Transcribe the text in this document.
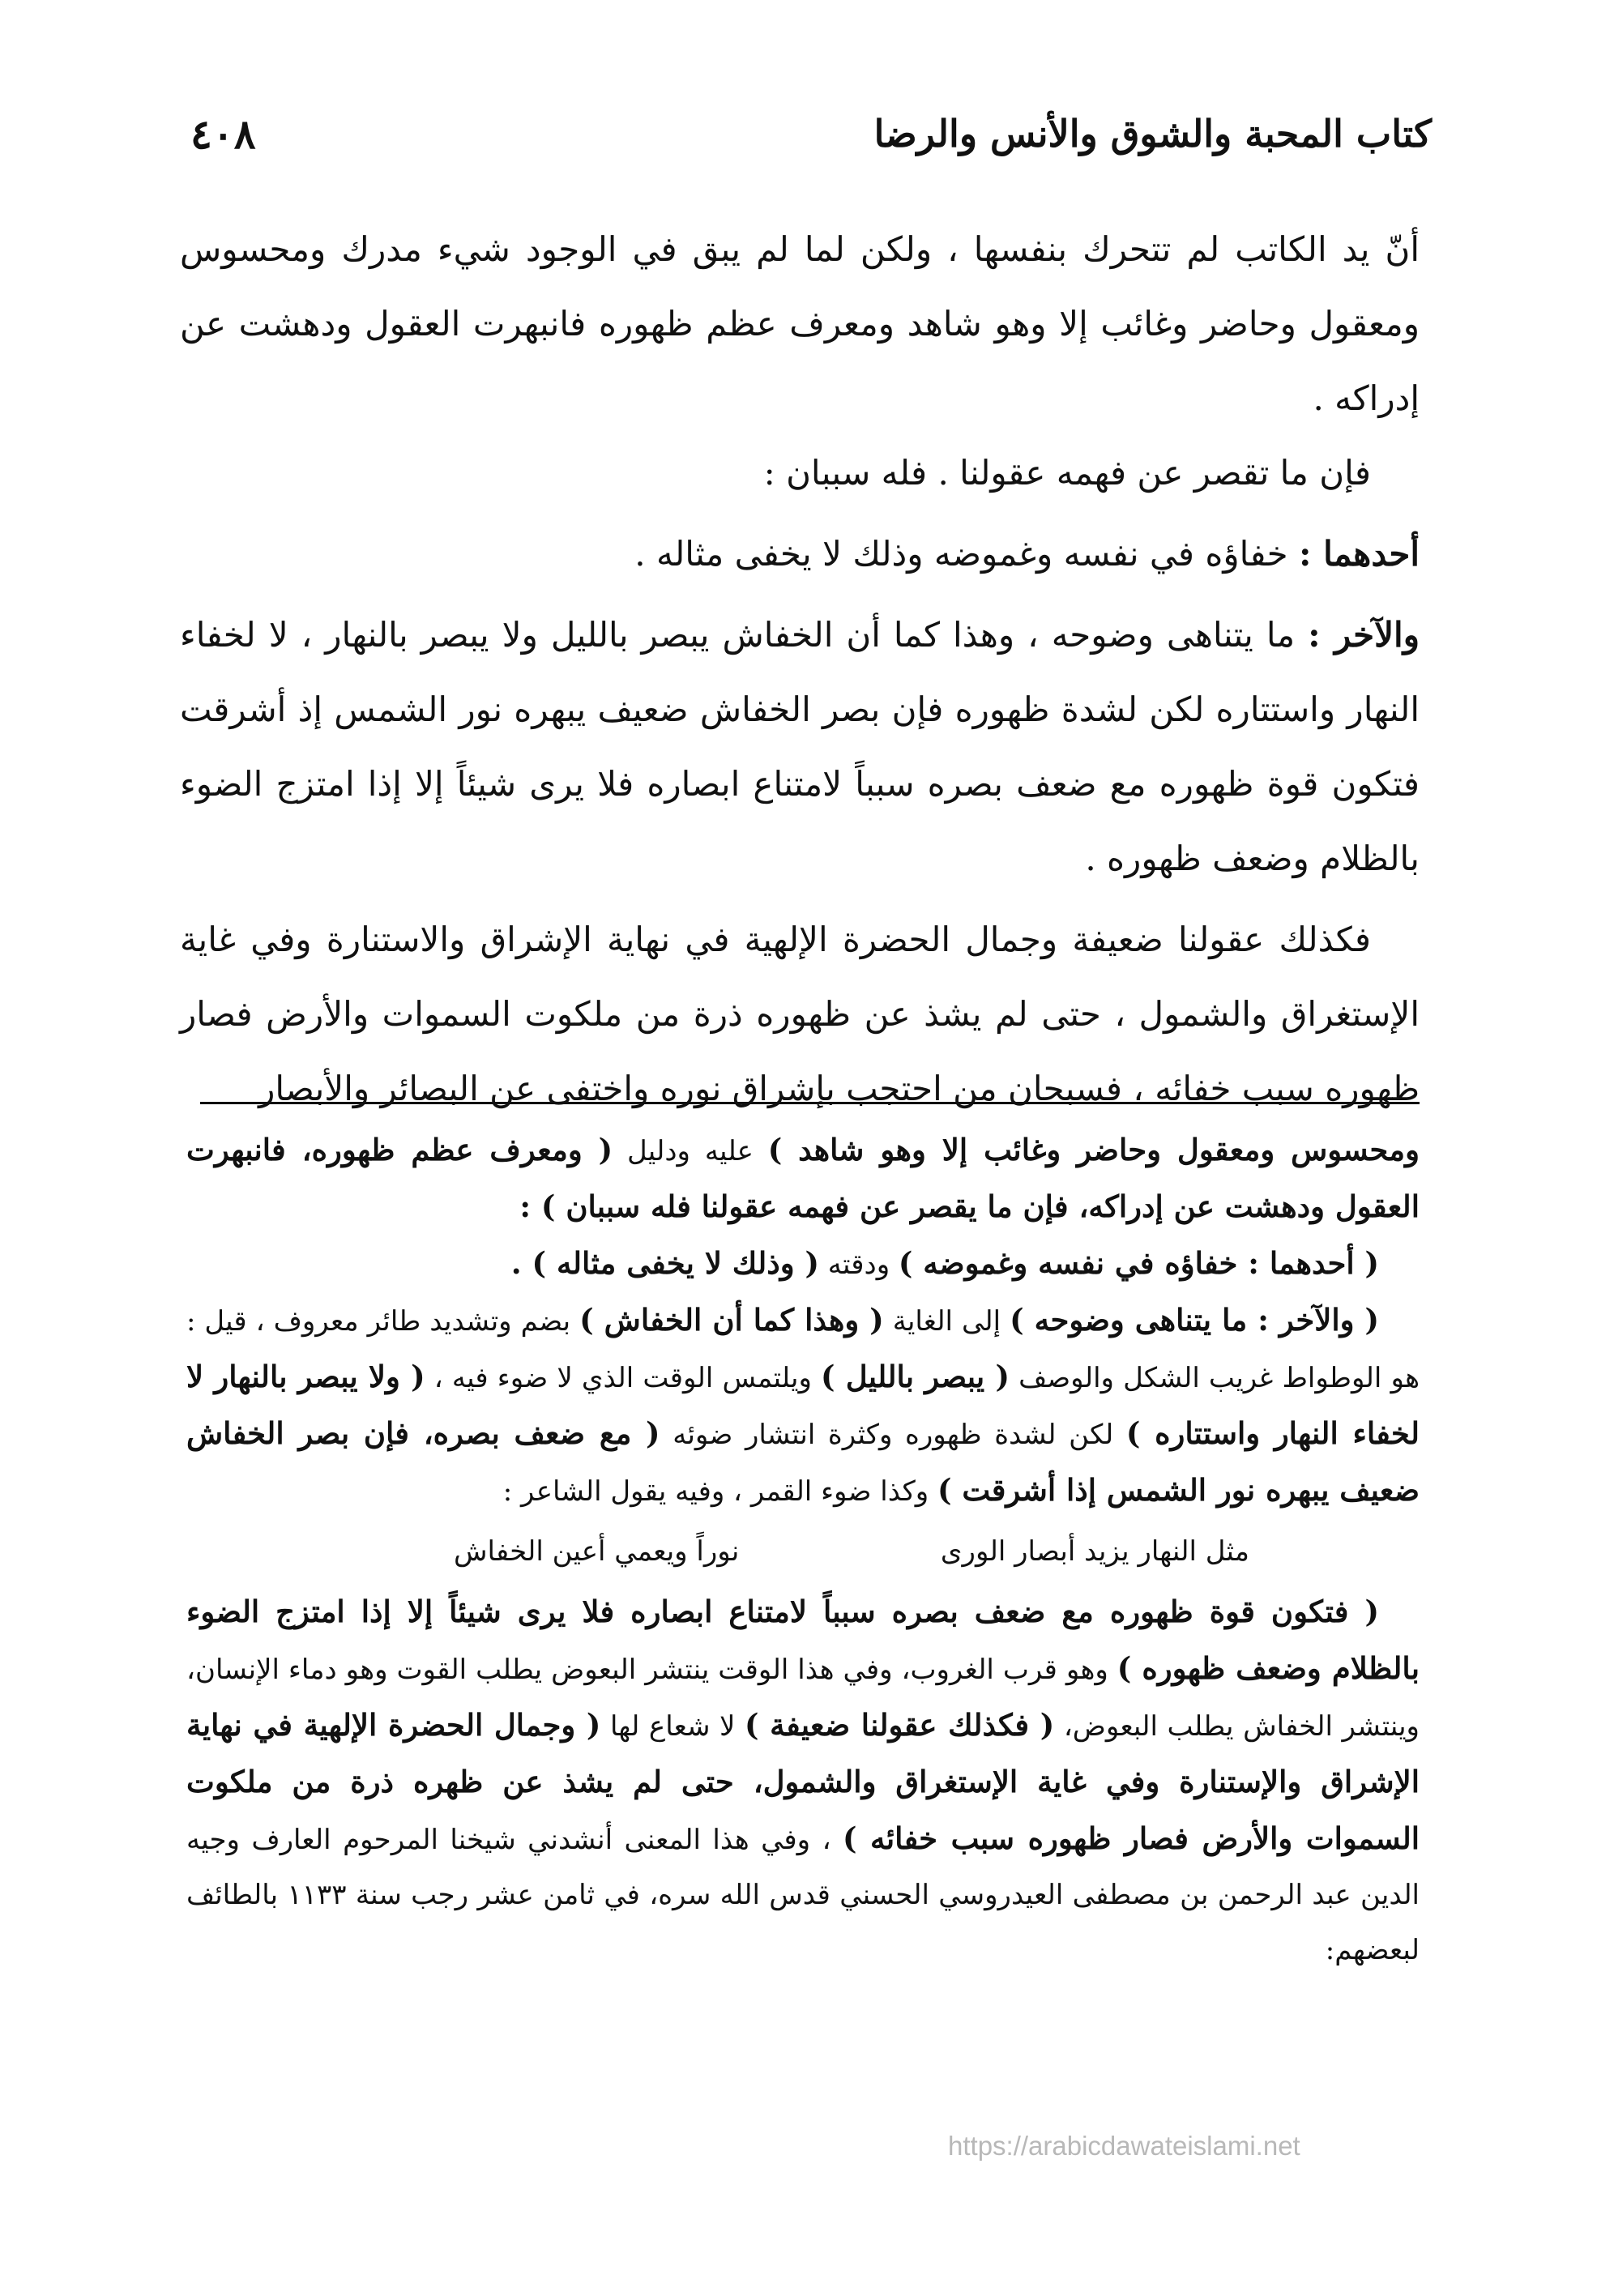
كتاب المحبة والشوق والأنس والرضا
٤٠٨

أنّ يد الكاتب لم تتحرك بنفسها ، ولكن لما لم يبق في الوجود شيء مدرك ومحسوس ومعقول وحاضر وغائب إلا وهو شاهد ومعرف عظم ظهوره فانبهرت العقول ودهشت عن إدراكه .

فإن ما تقصر عن فهمه عقولنا . فله سببان :

أحدهما : خفاؤه في نفسه وغموضه وذلك لا يخفى مثاله .

والآخر : ما يتناهى وضوحه ، وهذا كما أن الخفاش يبصر بالليل ولا يبصر بالنهار ، لا لخفاء النهار واستتاره لكن لشدة ظهوره فإن بصر الخفاش ضعيف يبهره نور الشمس إذ أشرقت فتكون قوة ظهوره مع ضعف بصره سبباً لامتناع ابصاره فلا يرى شيئاً إلا إذا امتزج الضوء بالظلام وضعف ظهوره .

فكذلك عقولنا ضعيفة وجمال الحضرة الإلهية في نهاية الإشراق والاستنارة وفي غاية الإستغراق والشمول ، حتى لم يشذ عن ظهوره ذرة من ملكوت السموات والأرض فصار ظهوره سبب خفائه ، فسبحان من احتجب بإشراق نوره واختفى عن البصائر والأبصار

ومحسوس ومعقول وحاضر وغائب إلا وهو شاهد ) عليه ودليل ( ومعرف عظم ظهوره، فانبهرت العقول ودهشت عن إدراكه، فإن ما يقصر عن فهمه عقولنا فله سببان ) :

( أحدهما : خفاؤه في نفسه وغموضه ) ودقته ( وذلك لا يخفى مثاله ) .

( والآخر : ما يتناهى وضوحه ) إلى الغاية ( وهذا كما أن الخفاش ) بضم وتشديد طائر معروف ، قيل : هو الوطواط غريب الشكل والوصف ( يبصر بالليل ) ويلتمس الوقت الذي لا ضوء فيه ، ( ولا يبصر بالنهار لا لخفاء النهار واستتاره ) لكن لشدة ظهوره وكثرة انتشار ضوئه ( مع ضعف بصره، فإن بصر الخفاش ضعيف يبهره نور الشمس إذا أشرقت ) وكذا ضوء القمر ، وفيه يقول الشاعر :

مثل النهار يزيد أبصار الورى
نوراً ويعمي أعين الخفاش

( فتكون قوة ظهوره مع ضعف بصره سبباً لامتناع ابصاره فلا يرى شيئاً إلا إذا امتزج الضوء بالظلام وضعف ظهوره ) وهو قرب الغروب، وفي هذا الوقت ينتشر البعوض يطلب القوت وهو دماء الإنسان، وينتشر الخفاش يطلب البعوض، ( فكذلك عقولنا ضعيفة ) لا شعاع لها ( وجمال الحضرة الإلهية في نهاية الإشراق والإستنارة وفي غاية الإستغراق والشمول، حتى لم يشذ عن ظهره ذرة من ملكوت السموات والأرض فصار ظهوره سبب خفائه ) ، وفي هذا المعنى أنشدني شيخنا المرحوم العارف وجيه الدين عبد الرحمن بن مصطفى العيدروسي الحسني قدس الله سره، في ثامن عشر رجب سنة ١١٣٣ بالطائف لبعضهم:

https://arabicdawateislami.net
